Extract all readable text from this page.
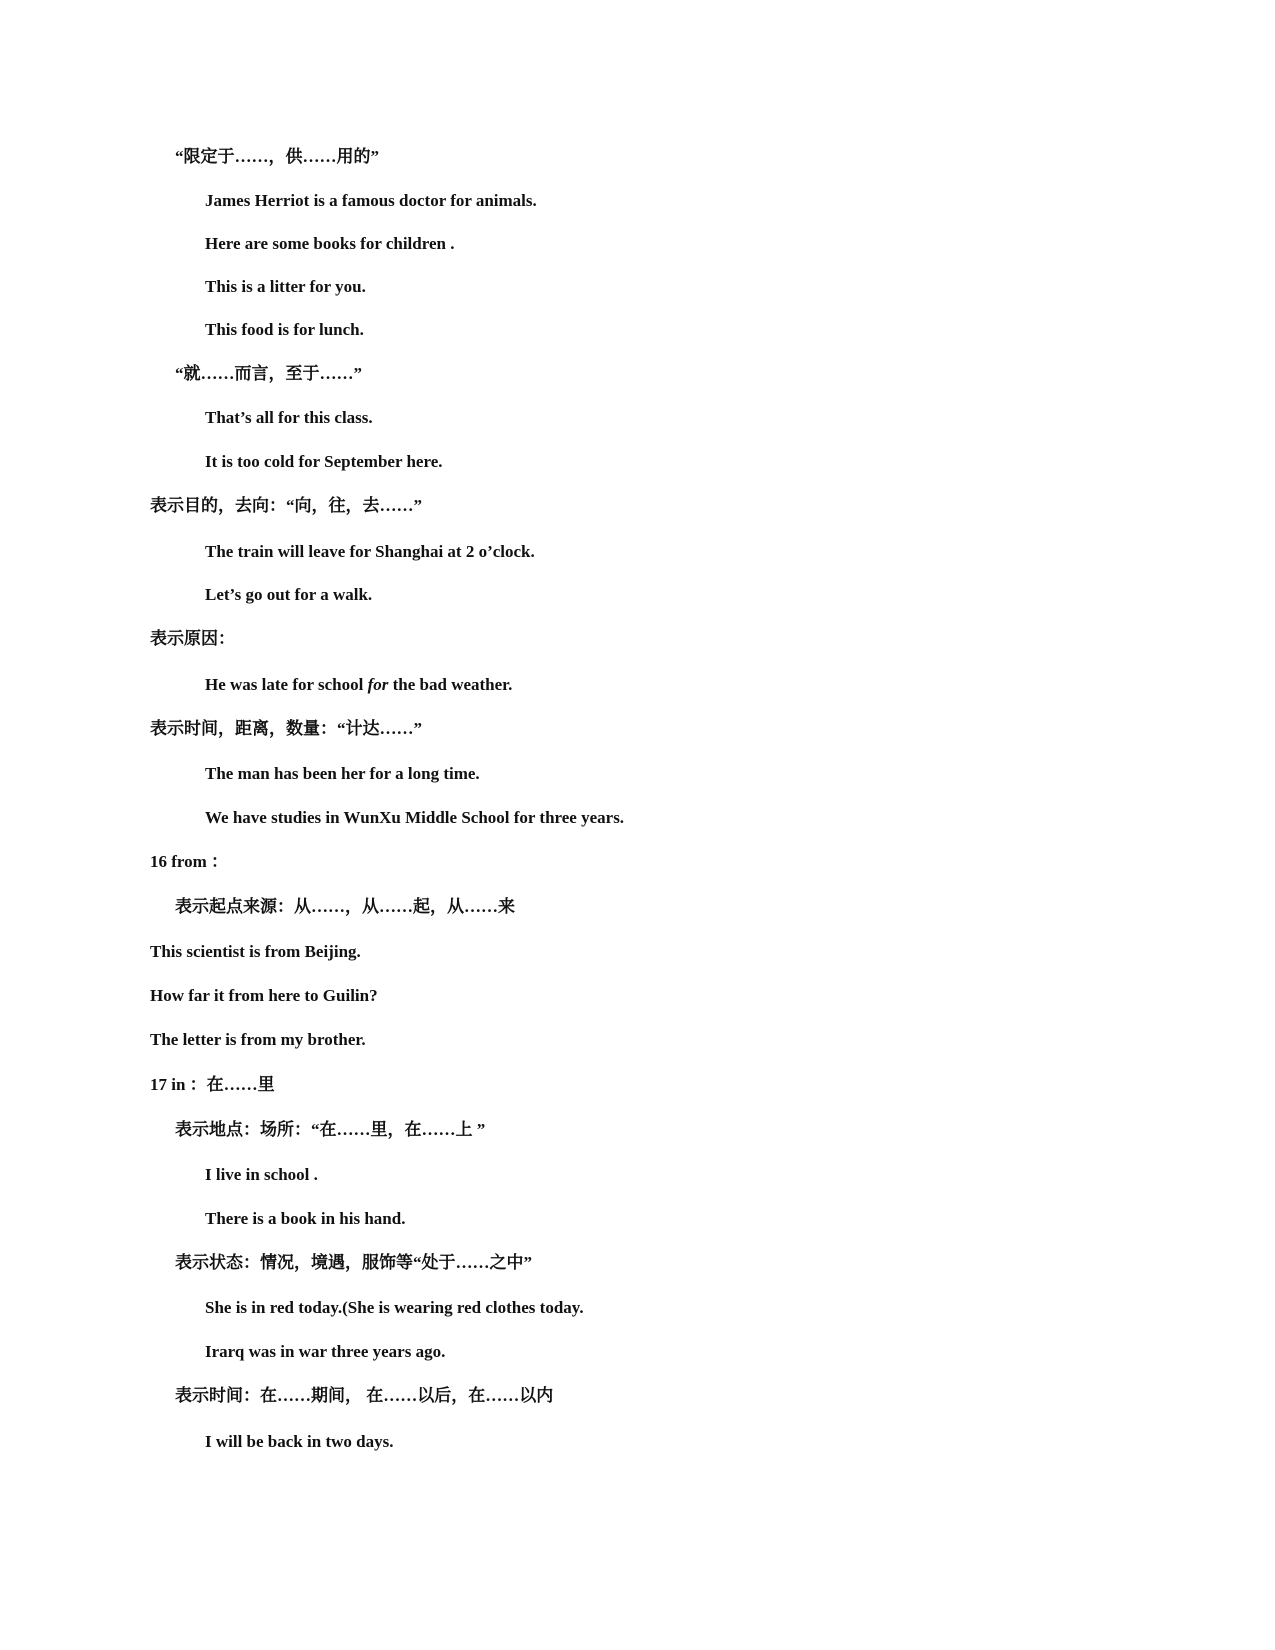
“限定于……，供……用的”
James Herriot is a famous doctor for animals.
Here are some books for children .
This is a litter for you.
This food is for lunch.
“就……而言，至于……”
That’s all for this class.
It is too cold for September here.
表示目的，去向：“向，往，去……”
The train will leave for Shanghai at 2 o’clock.
Let’s go out for a walk.
表示原因：
He was late for school for the bad weather.
表示时间，距离，数量：“计达……”
The man has been her for a long time.
We have studies in WunXu Middle School for three years.
16 from ：
表示起点来源：从……，从……起，从……来
This scientist is from Beijing.
How far it from here to Guilin?
The letter is from my brother.
17 in ：在……里
表示地点：场所：“在……里，在……上 ”
I live in school .
There is a book in his hand.
表示状态：情况，境遇，服饰等“处于……之中”
She is in red today.(She is wearing red clothes today.
Irarq was in war three years ago.
表示时间：在……期间， 在……以后，在……以内
I will be back in two days.
